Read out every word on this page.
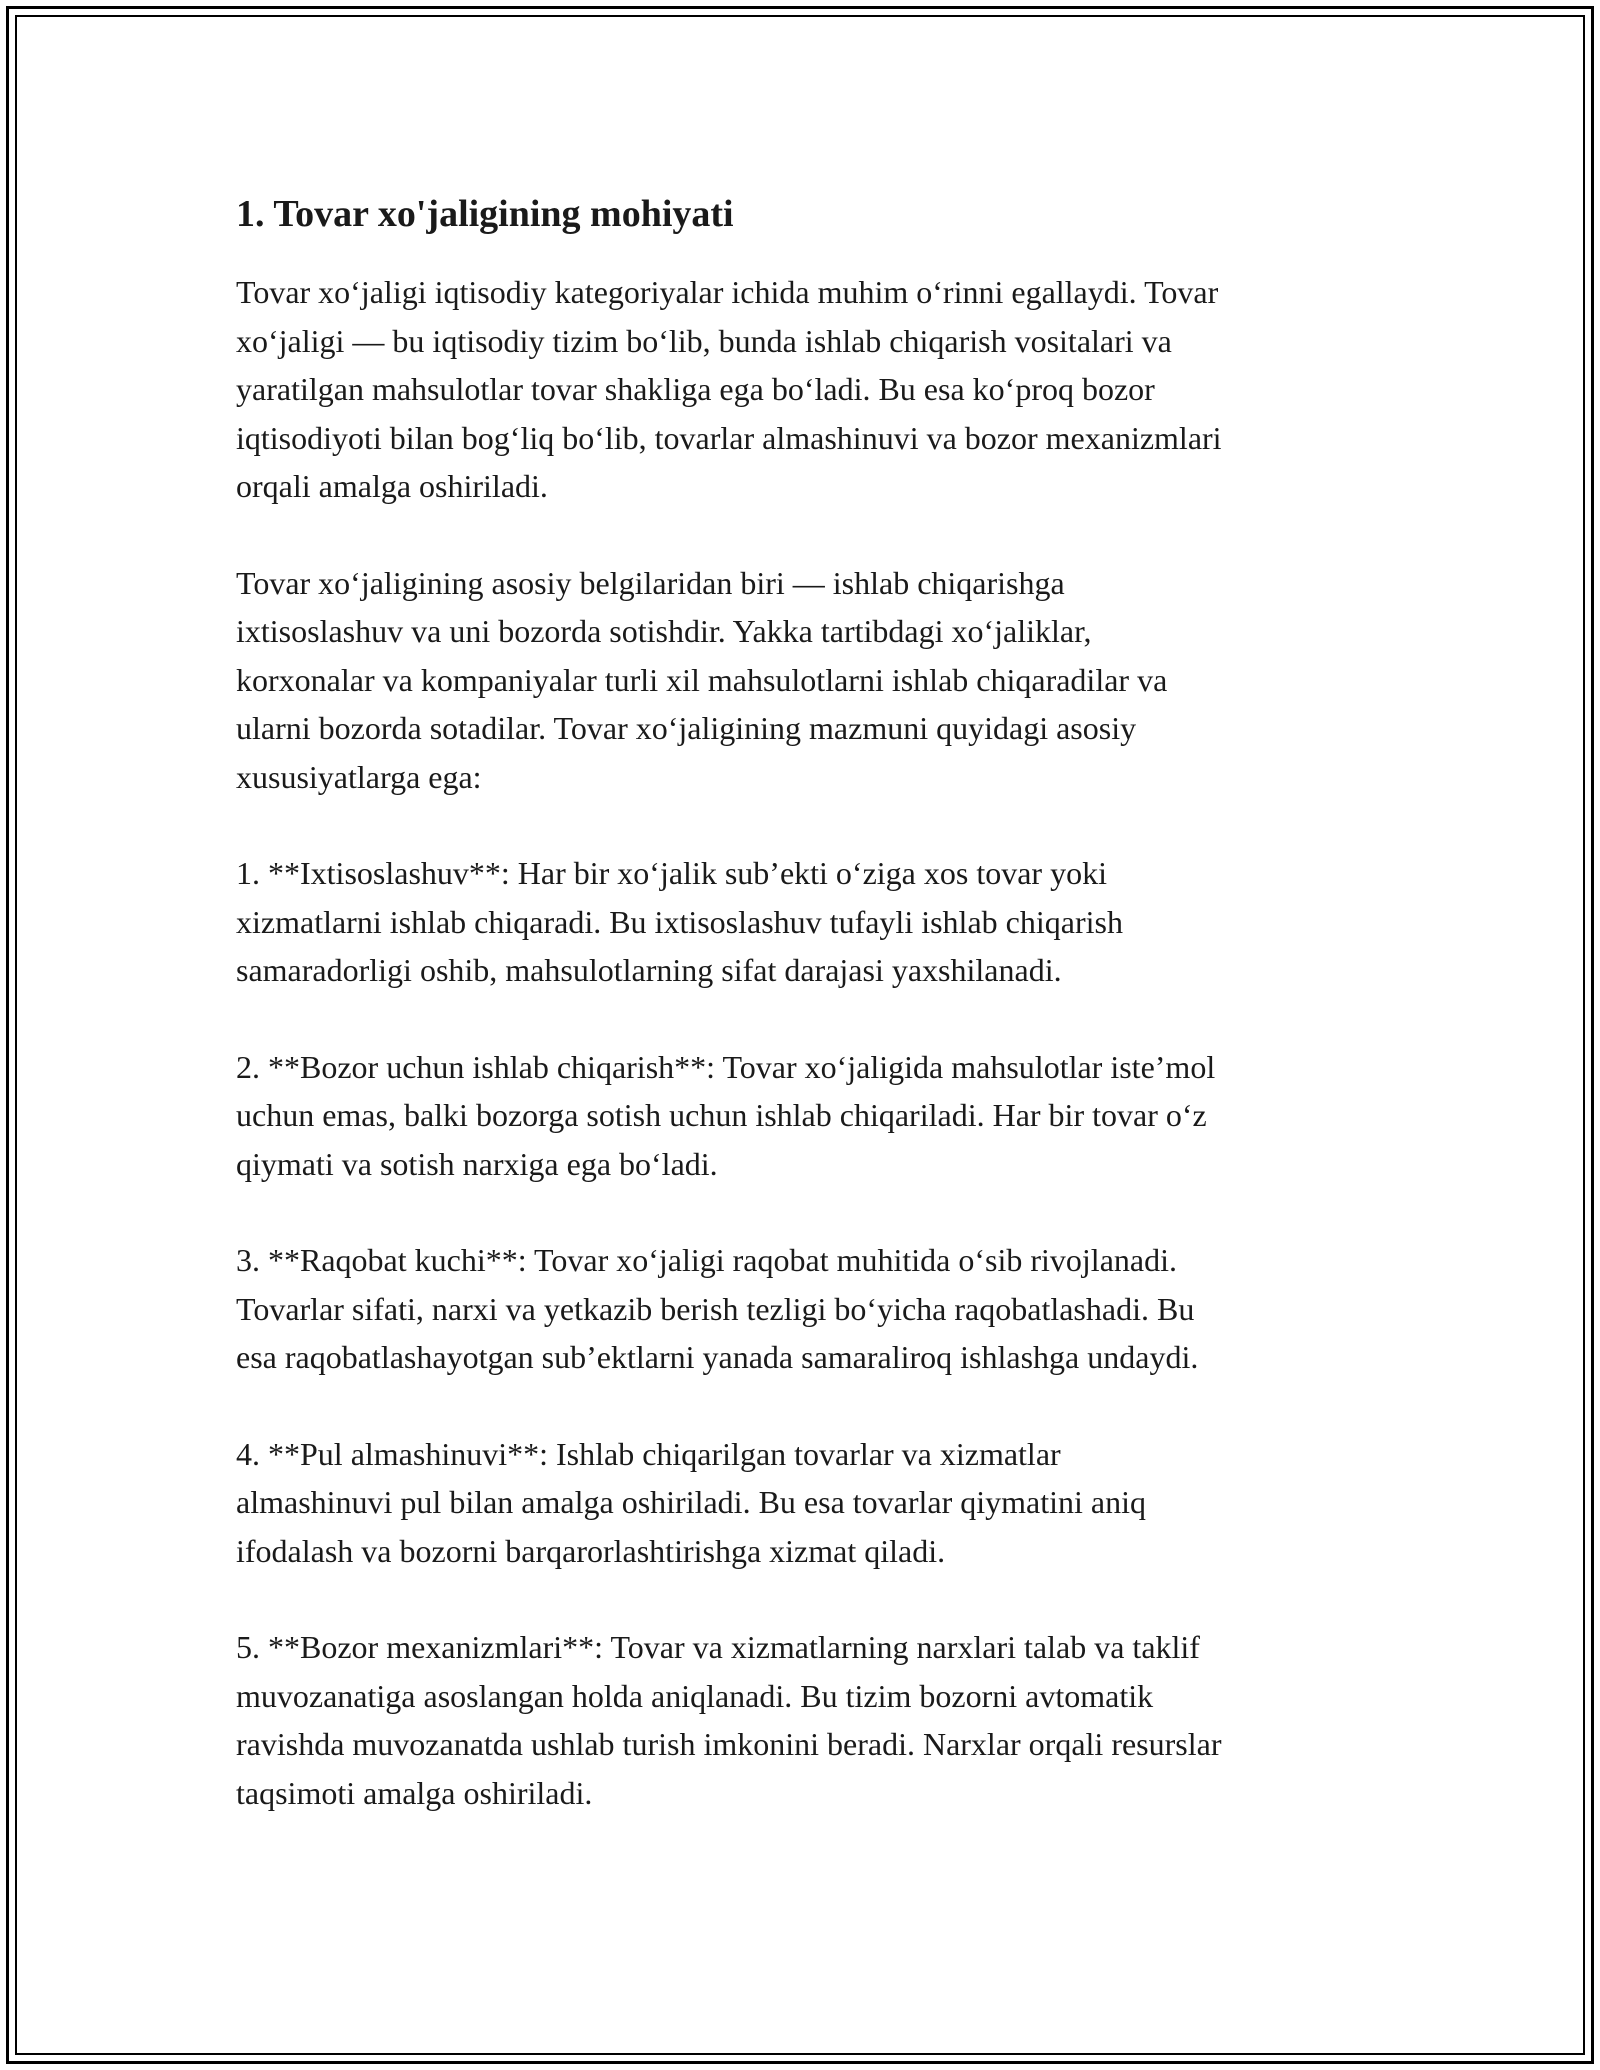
1. Tovar xo'jaligining mohiyati

Tovar xo‘jaligi iqtisodiy kategoriyalar ichida muhim o‘rinni egallaydi. Tovar
xo‘jaligi — bu iqtisodiy tizim bo‘lib, bunda ishlab chiqarish vositalari va
yaratilgan mahsulotlar tovar shakliga ega bo‘ladi. Bu esa ko‘proq bozor
iqtisodiyoti bilan bog‘liq bo‘lib, tovarlar almashinuvi va bozor mexanizmlari
orqali amalga oshiriladi.

Tovar xo‘jaligining asosiy belgilaridan biri — ishlab chiqarishga
ixtisoslashuv va uni bozorda sotishdir. Yakka tartibdagi xo‘jaliklar,
korxonalar va kompaniyalar turli xil mahsulotlarni ishlab chiqaradilar va
ularni bozorda sotadilar. Tovar xo‘jaligining mazmuni quyidagi asosiy
xususiyatlarga ega:

1. **Ixtisoslashuv**: Har bir xo‘jalik sub’ekti o‘ziga xos tovar yoki
xizmatlarni ishlab chiqaradi. Bu ixtisoslashuv tufayli ishlab chiqarish
samaradorligi oshib, mahsulotlarning sifat darajasi yaxshilanadi.

2. **Bozor uchun ishlab chiqarish**: Tovar xo‘jaligida mahsulotlar iste’mol
uchun emas, balki bozorga sotish uchun ishlab chiqariladi. Har bir tovar o‘z
qiymati va sotish narxiga ega bo‘ladi.

3. **Raqobat kuchi**: Tovar xo‘jaligi raqobat muhitida o‘sib rivojlanadi.
Tovarlar sifati, narxi va yetkazib berish tezligi bo‘yicha raqobatlashadi. Bu
esa raqobatlashayotgan sub’ektlarni yanada samaraliroq ishlashga undaydi.

4. **Pul almashinuvi**: Ishlab chiqarilgan tovarlar va xizmatlar
almashinuvi pul bilan amalga oshiriladi. Bu esa tovarlar qiymatini aniq
ifodalash va bozorni barqarorlashtirishga xizmat qiladi.

5. **Bozor mexanizmlari**: Tovar va xizmatlarning narxlari talab va taklif
muvozanatiga asoslangan holda aniqlanadi. Bu tizim bozorni avtomatik
ravishda muvozanatda ushlab turish imkonini beradi. Narxlar orqali resurslar
taqsimoti amalga oshiriladi.
